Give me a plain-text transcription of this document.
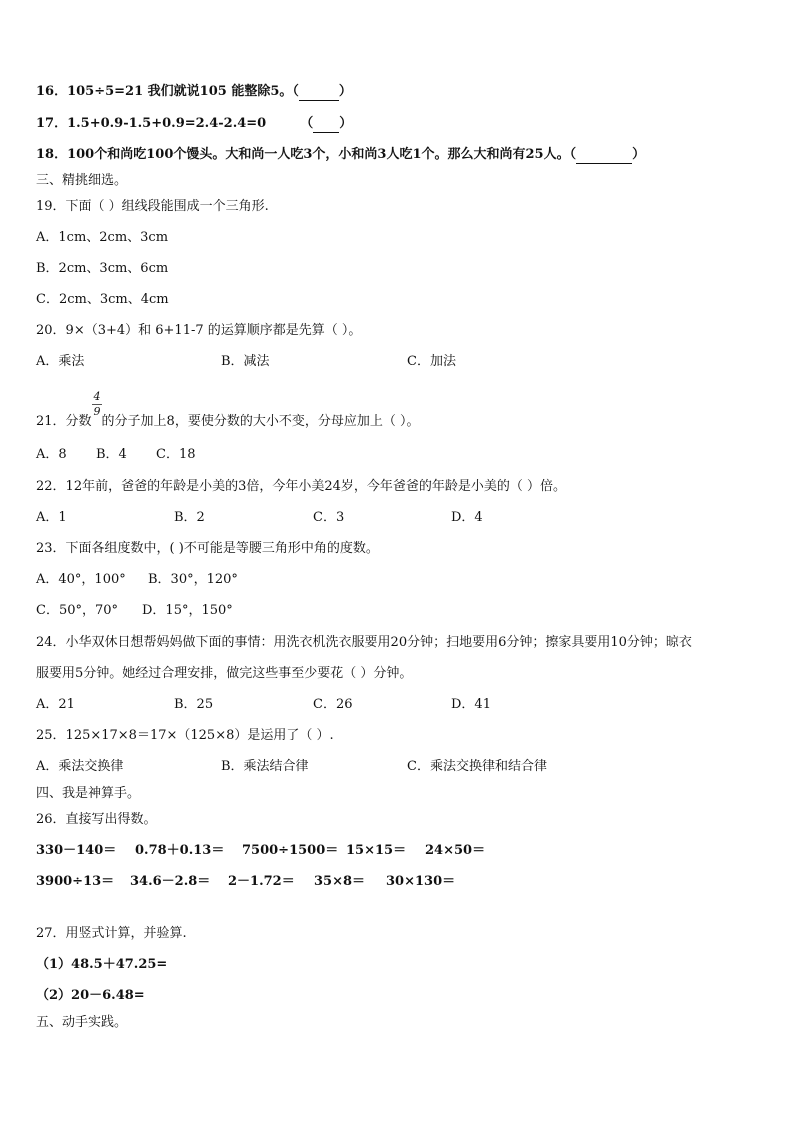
16．105÷5=21 我们就说105 能整除5。（	）
17．1.5+0.9-1.5+0.9=2.4-2.4=0	（ ）
18．100个和尚吃100个馒头。大和尚一人吃3个，小和尚3人吃1个。那么大和尚有25人。（	）
三、精挑细选。
19．下面（ ）组线段能围成一个三角形.
A．1cm、2cm、3cm
B．2cm、3cm、6cm
C．2cm、3cm、4cm
20．9×（3+4）和 6+11-7 的运算顺序都是先算（ ）。
A．乘法	B．减法	C．加法
4
9
21．分数 的分子加上8，要使分数的大小不变，分母应加上（ ）。
A．8 B．4 C．18
22．12年前，爸爸的年龄是小美的3倍，今年小美24岁，今年爸爸的年龄是小美的（ ）倍。
A．1	B．2	C．3	D．4
23．下面各组度数中，( )不可能是等腰三角形中角的度数。
A．40°，100° B．30°，120°
C．50°，70° D．15°，150°
24．小华双休日想帮妈妈做下面的事情：用洗衣机洗衣服要用20分钟；扫地要用6分钟；擦家具要用10分钟；晾衣
服要用5分钟。她经过合理安排，做完这些事至少要花（ ）分钟。
A．21	B．25	C．26	D．41
25．125×17×8＝17×（125×8）是运用了（ ）.
A．乘法交换律	B．乘法结合律	C．乘法交换律和结合律
四、我是神算手。
26．直接写出得数。
330－140＝ 0.78＋0.13＝ 7500÷1500＝ 15×15＝ 24×50＝
3900÷13＝ 34.6－2.8＝ 2－1.72＝ 35×8＝ 30×130＝
27．用竖式计算，并验算.
（1）48.5＋47.25=
（2）20－6.48=
五、动手实践。
